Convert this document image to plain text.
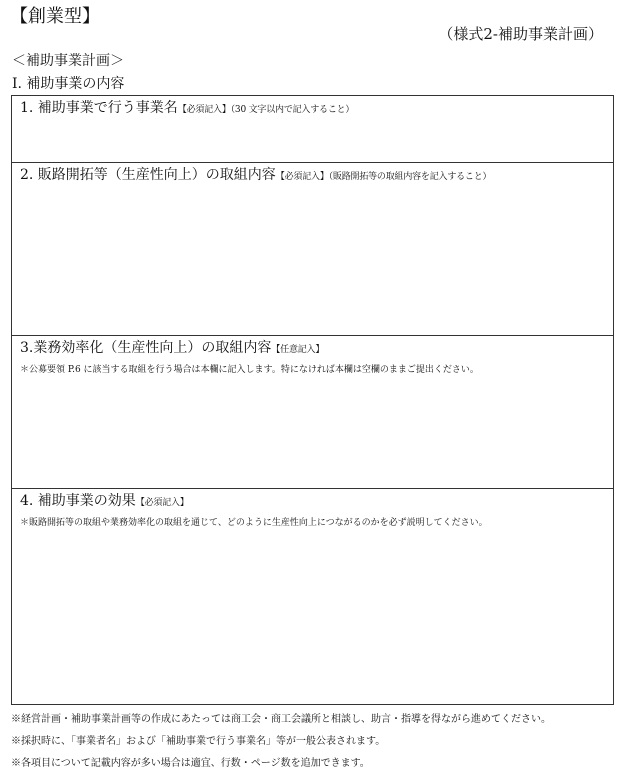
【創業型】
（様式2-補助事業計画）
＜補助事業計画＞
Ⅰ. 補助事業の内容
1. 補助事業で行う事業名【必須記入】（30 文字以内で記入すること）
2. 販路開拓等（生産性向上）の取組内容【必須記入】（販路開拓等の取組内容を記入すること）
3.業務効率化（生産性向上）の取組内容【任意記入】
＊公募要領 P.6 に該当する取組を行う場合は本欄に記入します。特になければ本欄は空欄のままご提出ください。
4. 補助事業の効果【必須記入】
＊販路開拓等の取組や業務効率化の取組を通じて、どのように生産性向上につながるのかを必ず説明してください。
※経営計画・補助事業計画等の作成にあたっては商工会・商工会議所と相談し、助言・指導を得ながら進めてください。
※採択時に、「事業者名」および「補助事業で行う事業名」等が一般公表されます。
※各項目について記載内容が多い場合は適宜、行数・ページ数を追加できます。
